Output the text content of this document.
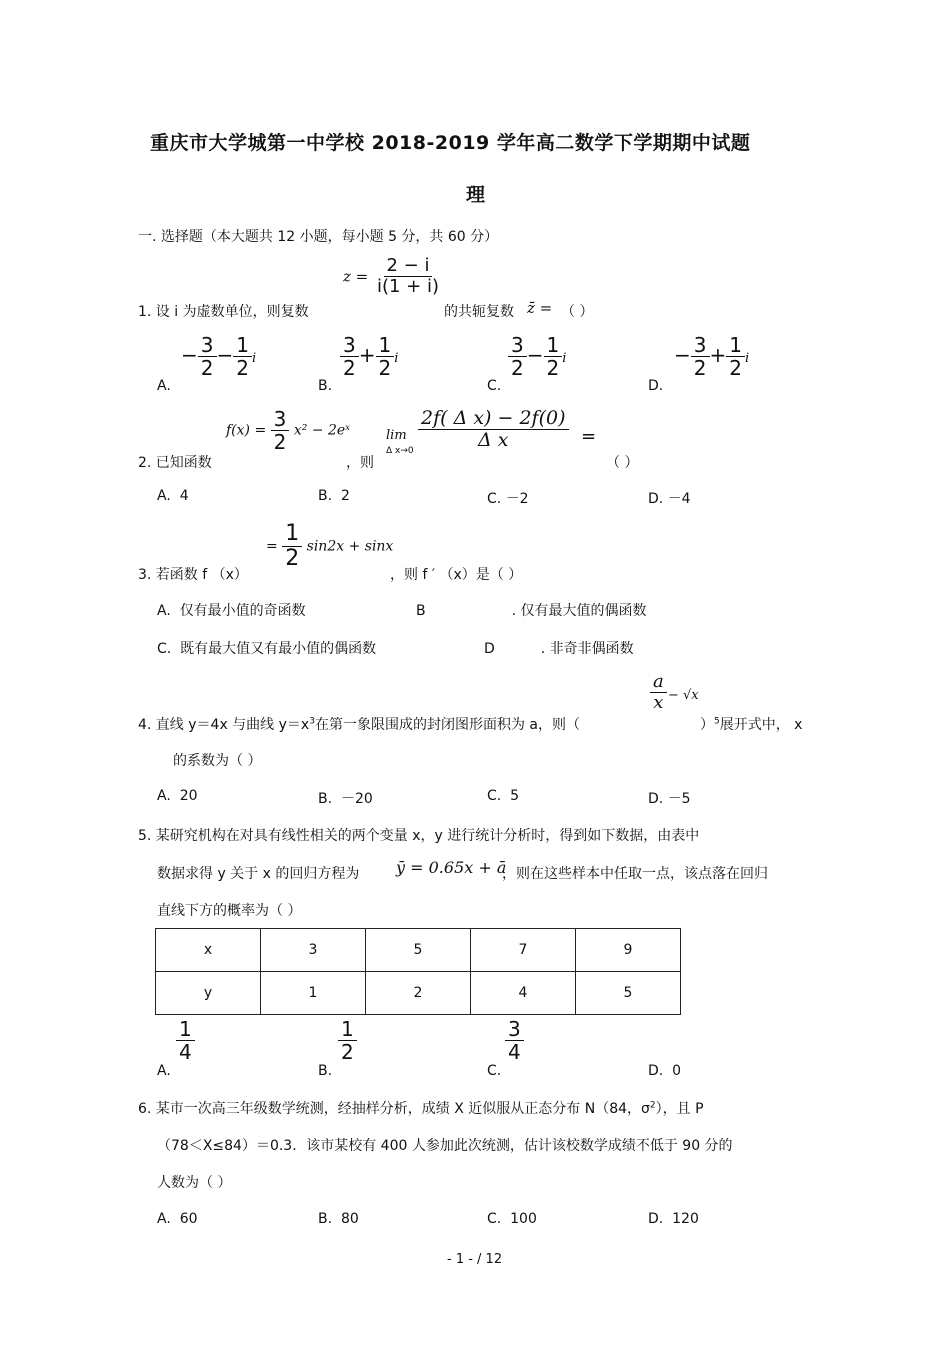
重庆市大学城第一中学校 2018-2019 学年高二数学下学期期中试题
理
一. 选择题（本大题共 12 小题，每小题 5 分，共 60 分）
$z = \frac{2 - i}{i(1 + i)}$
1. 设 i 为虚数单位，则复数	的共轭复数 z̄ = （ ）
A.
− $\frac{3}{2} - \frac{1}{2}$ i
B.
$\frac{3}{2} + \frac{1}{2}$ i
C.
$\frac{3}{2} - \frac{1}{2}$ i
D.
− $\frac{3}{2} + \frac{1}{2}$ i
$f(x) = \frac{3}{2} x^2$ − 2eˣ	lim
Δ x→0
$\frac{\text{2f( Δ x) − 2f(0)}}{\text{Δ x}}$ =
2. 已知函数	，则	（ ）
A. 4	B. 2	C. －2	D. －4
= $\frac{1}{2} \sin 2x + \sin x$
3. 若函数 f （x）	，则 f ′ （x）是（ ）
A. 仅有最小值的奇函数	B	. 仅有最大值的偶函数
C. 既有最大值又有最小值的偶函数	D	. 非奇非偶函数
$\frac{a}{x} - √x$
4. 直线 y＝4x 与曲线 $y=x^3$在第一象限围成的封闭图形面积为 a，则（	）$^5$展开式中， x
的系数为（ ）
A. 20	B. －20	C. 5	D. －5
5. 某研究机构在对具有线性相关的两个变量 x，y 进行统计分析时，得到如下数据，由表中
数据求得 y 关于 x 的回归方程为 ȳ = 0.65x + ā
，则在这些样本中任取一点，该点落在回归
直线下方的概率为（ ）
x	3	5	7	9
y	1	2	4	5
A.
$\frac{1}{4}$
B.
$\frac{1}{2}$
C.
$\frac{3}{4}$
D. 0
6. 某市一次高三年级数学统测，经抽样分析，成绩 X 近似服从正态分布 N（84，$\sigma^2$），且 P
（78＜X≤84）＝0.3．该市某校有 400 人参加此次统测，估计该校数学成绩不低于 90 分的
人数为（ ）
A. 60	B. 80	C. 100	D. 120
- 1 - / 12
